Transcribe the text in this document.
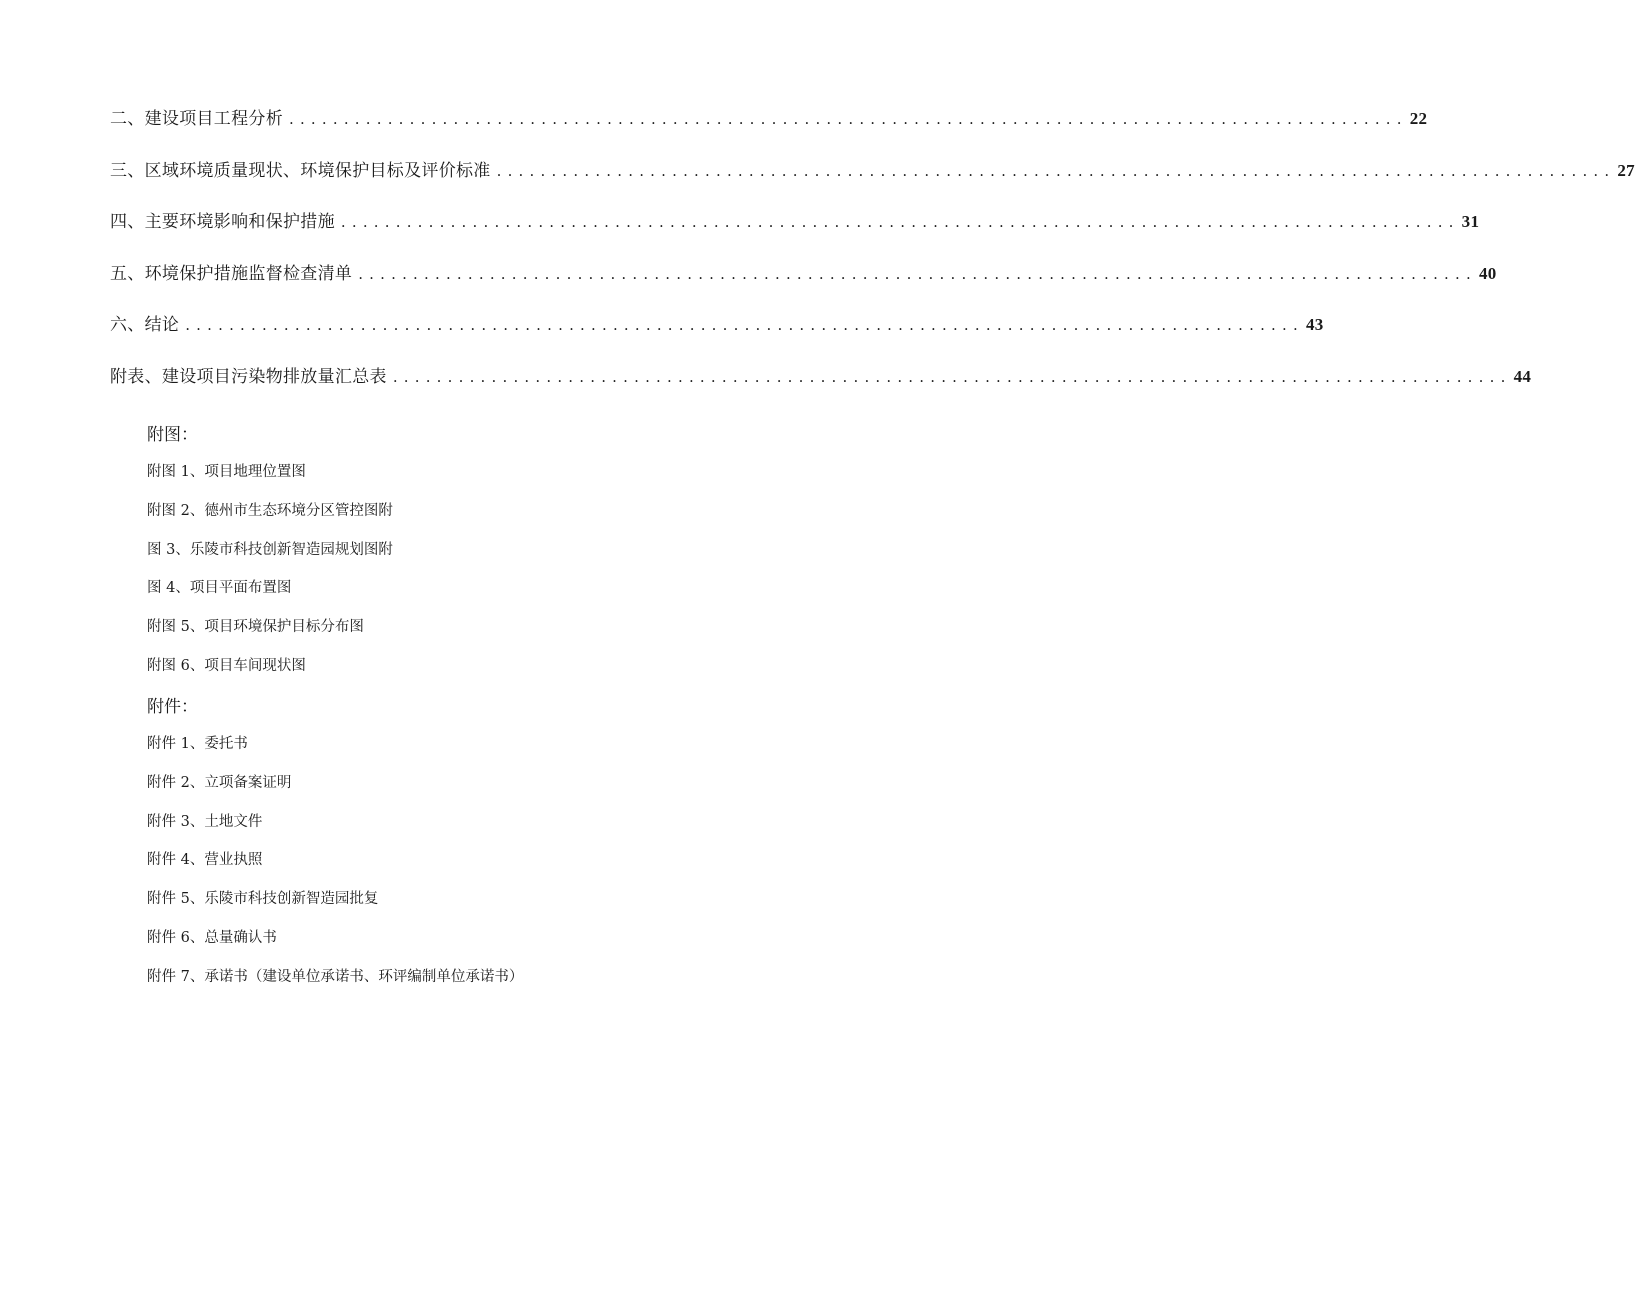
二、建设项目工程分析 ...................................................................................................... 22
三、区域环境质量现状、环境保护目标及评价标准 ...................................................................................................... 27
四、主要环境影响和保护措施 ...................................................................................................... 31
五、环境保护措施监督检查清单 ...................................................................................................... 40
六、结论 ...................................................................................................... 43
附表、建设项目污染物排放量汇总表 ...................................................................................................... 44
附图：
附图 1、项目地理位置图
附图 2、德州市生态环境分区管控图附
图 3、乐陵市科技创新智造园规划图附
图 4、项目平面布置图
附图 5、项目环境保护目标分布图
附图 6、项目车间现状图
附件：
附件 1、委托书
附件 2、立项备案证明
附件 3、土地文件
附件 4、营业执照
附件 5、乐陵市科技创新智造园批复
附件 6、总量确认书
附件 7、承诺书（建设单位承诺书、环评编制单位承诺书）
